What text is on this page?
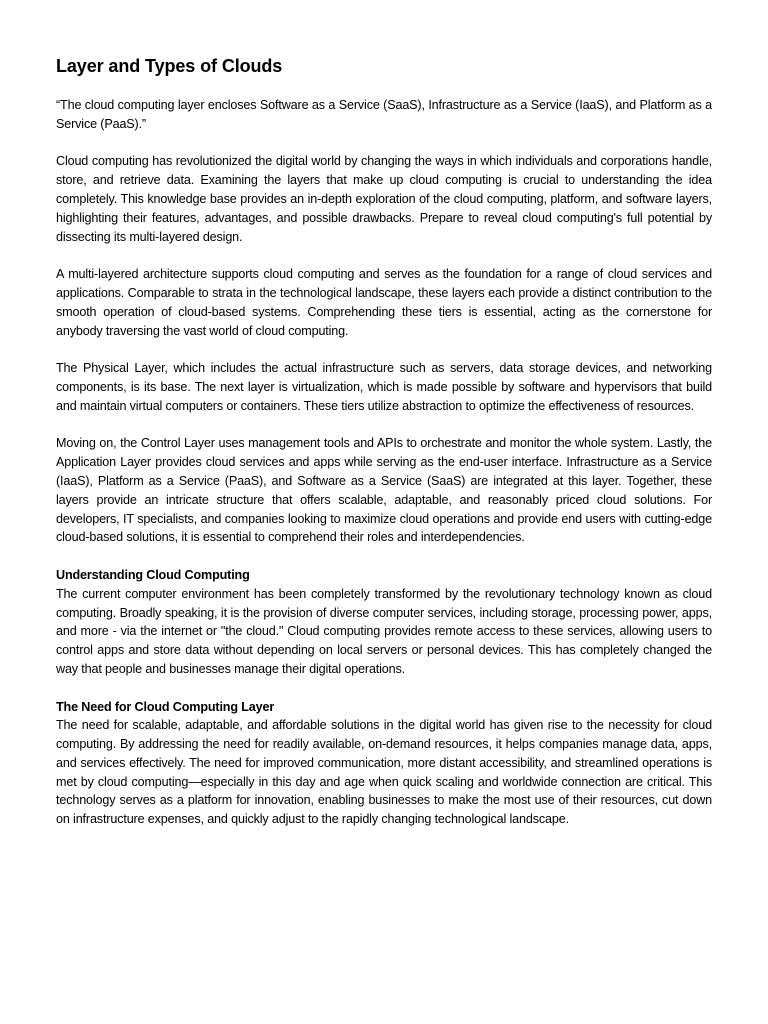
Layer and Types of Clouds

“The cloud computing layer encloses Software as a Service (SaaS), Infrastructure as a Service (IaaS), and Platform as a Service (PaaS).”

Cloud computing has revolutionized the digital world by changing the ways in which individuals and corporations handle, store, and retrieve data. Examining the layers that make up cloud computing is crucial to understanding the idea completely. This knowledge base provides an in-depth exploration of the cloud computing, platform, and software layers, highlighting their features, advantages, and possible drawbacks. Prepare to reveal cloud computing's full potential by dissecting its multi-layered design.

A multi-layered architecture supports cloud computing and serves as the foundation for a range of cloud services and applications. Comparable to strata in the technological landscape, these layers each provide a distinct contribution to the smooth operation of cloud-based systems. Comprehending these tiers is essential, acting as the cornerstone for anybody traversing the vast world of cloud computing.

The Physical Layer, which includes the actual infrastructure such as servers, data storage devices, and networking components, is its base. The next layer is virtualization, which is made possible by software and hypervisors that build and maintain virtual computers or containers. These tiers utilize abstraction to optimize the effectiveness of resources.

Moving on, the Control Layer uses management tools and APIs to orchestrate and monitor the whole system. Lastly, the Application Layer provides cloud services and apps while serving as the end-user interface. Infrastructure as a Service (IaaS), Platform as a Service (PaaS), and Software as a Service (SaaS) are integrated at this layer. Together, these layers provide an intricate structure that offers scalable, adaptable, and reasonably priced cloud solutions. For developers, IT specialists, and companies looking to maximize cloud operations and provide end users with cutting-edge cloud-based solutions, it is essential to comprehend their roles and interdependencies.

Understanding Cloud Computing

The current computer environment has been completely transformed by the revolutionary technology known as cloud computing. Broadly speaking, it is the provision of diverse computer services, including storage, processing power, apps, and more - via the internet or "the cloud." Cloud computing provides remote access to these services, allowing users to control apps and store data without depending on local servers or personal devices. This has completely changed the way that people and businesses manage their digital operations.

The Need for Cloud Computing Layer

The need for scalable, adaptable, and affordable solutions in the digital world has given rise to the necessity for cloud computing. By addressing the need for readily available, on-demand resources, it helps companies manage data, apps, and services effectively. The need for improved communication, more distant accessibility, and streamlined operations is met by cloud computing—especially in this day and age when quick scaling and worldwide connection are critical. This technology serves as a platform for innovation, enabling businesses to make the most use of their resources, cut down on infrastructure expenses, and quickly adjust to the rapidly changing technological landscape.
